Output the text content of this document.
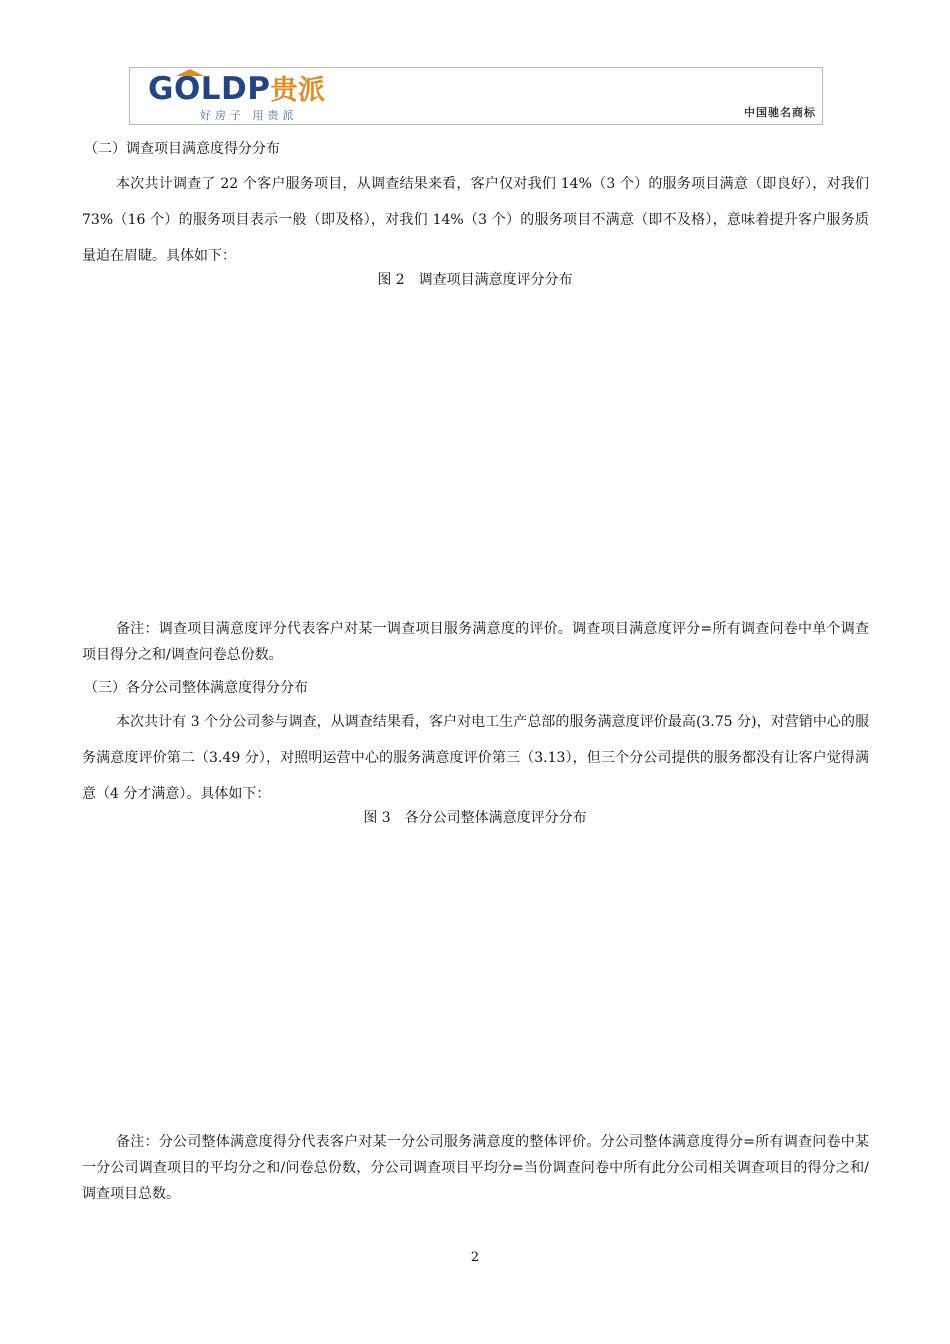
GOLDP贵派
好房子 用贵派	中国驰名商标
（二）调查项目满意度得分分布
本次共计调查了 22 个客户服务项目，从调查结果来看，客户仅对我们 14%（3 个）的服务项目满意（即良好），对我们 73%（16 个）的服务项目表示一般（即及格），对我们 14%（3 个）的服务项目不满意（即不及格），意味着提升客户服务质量迫在眉睫。具体如下：
图 2　调查项目满意度评分分布
备注：调查项目满意度评分代表客户对某一调查项目服务满意度的评价。调查项目满意度评分=所有调查问卷中单个调查项目得分之和/调查问卷总份数。
（三）各分公司整体满意度得分分布
本次共计有 3 个分公司参与调查，从调查结果看，客户对电工生产总部的服务满意度评价最高(3.75 分)，对营销中心的服务满意度评价第二（3.49 分），对照明运营中心的服务满意度评价第三（3.13），但三个分公司提供的服务都没有让客户觉得满意（4 分才满意）。具体如下：
图 3　各分公司整体满意度评分分布
备注：分公司整体满意度得分代表客户对某一分公司服务满意度的整体评价。分公司整体满意度得分=所有调查问卷中某一分公司调查项目的平均分之和/问卷总份数，分公司调查项目平均分=当份调查问卷中所有此分公司相关调查项目的得分之和/调查项目总数。
2
